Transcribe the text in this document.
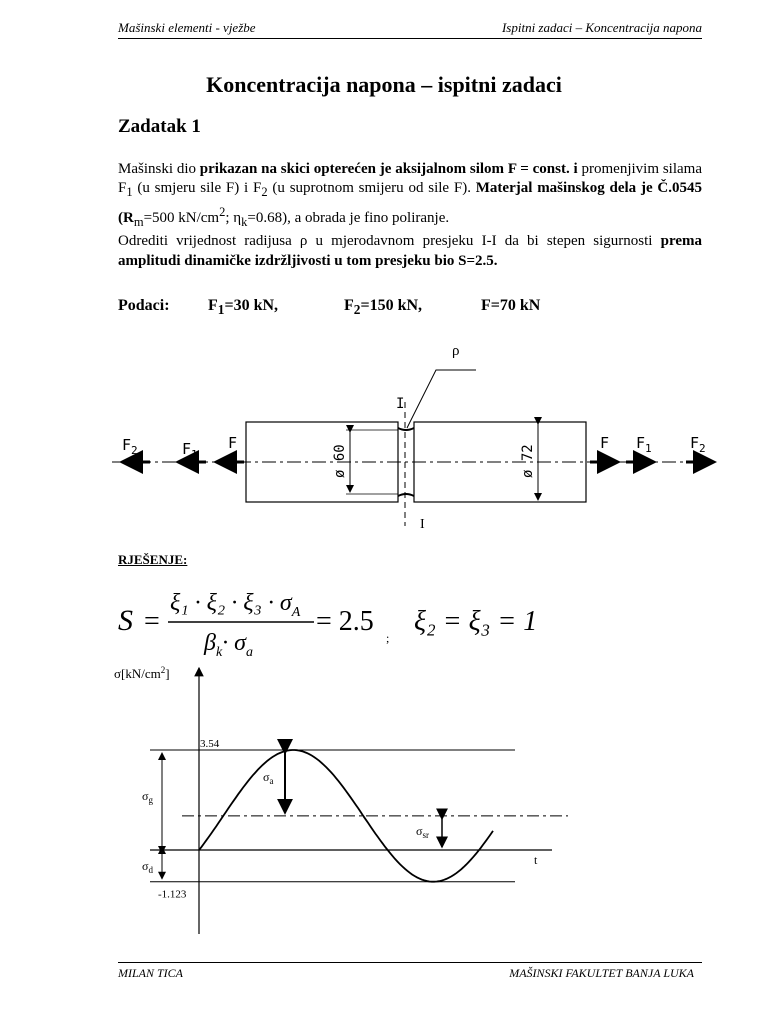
Mašinski elementi - vježbe	Ispitni zadaci – Koncentracija napona
Koncentracija napona – ispitni zadaci
Zadatak 1

Mašinski dio prikazan na skici opterećen je aksijalnom silom F = const. i promenjivim silama $F_1$ (u smjeru sile F) i $F_2$ (u suprotnom smijeru od sile F). Materjal mašinskog dela je Č.0545 ($R_m=500$ $kN/cm^2$; $\eta_k=0.68$), a obrada je fino poliranje.

Odrediti vrijednost radijusa ρ u mjerodavnom presjeku I-I da bi stepen sigurnosti prema amplitudi dinamičke izdržljivosti u tom presjeku bio S=2.5.

Podaci: $F_1=30$ kN,	$F_2=150$ kN,	F=70 kN
I
I
ρ
ø 60	ø 72
$F_2$	$F_1$
F	F $F_1$	$F_2$
RJEŠENJE:
S =
$\xi_1 \cdot \xi_2 \cdot \xi_3 \cdot \sigma_A$
$\beta_k\cdot \sigma_a$
= 2.5
;
ξ₂ = ξ₃ = 1
$\sigma[kN/cm^2]$
t
3.54
-1.123
$\sigma_g$
$\sigma_d$
$\sigma_a$
$\sigma_{sr}$
MILAN TICA	MAŠINSKI FAKULTET BANJA LUKA
